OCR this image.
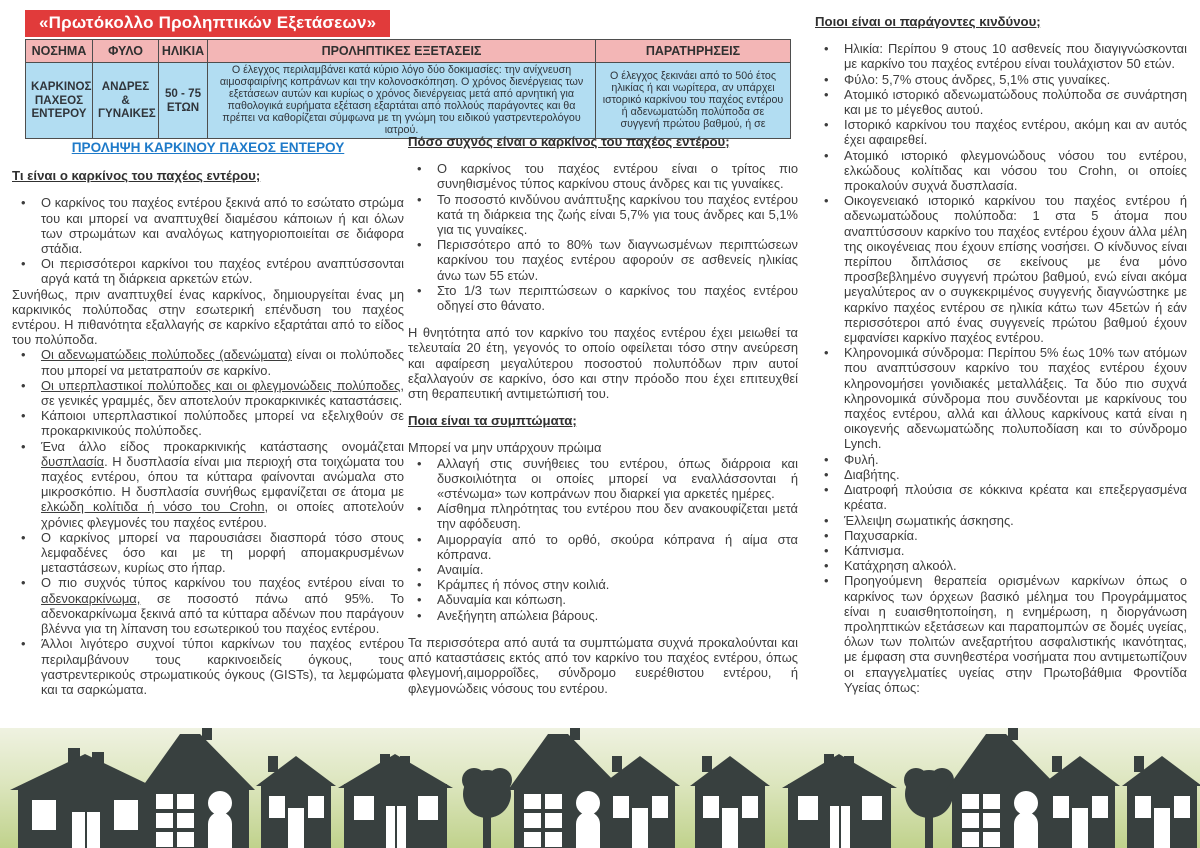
«Πρωτόκολλο Προληπτικών Εξετάσεων»
ΝΟΣΗΜΑ	ΦΥΛΟ	ΗΛΙΚΙΑ	ΠΡΟΛΗΠΤΙΚΕΣ ΕΞΕΤΑΣΕΙΣ	ΠΑΡΑΤΗΡΗΣΕΙΣ
ΚΑΡΚΙΝΟΣ ΠΑΧΕΟΣ ΕΝΤΕΡΟΥ	ΑΝΔΡΕΣ & ΓΥΝΑΙΚΕΣ	50 - 75 ΕΤΩΝ	Ο έλεγχος περιλαμβάνει κατά κύριο λόγο δύο δοκιμασίες: την ανίχνευση αιμοσφαιρίνης κοπράνων και την κολονοσκόπηση. Ο χρόνος διενέργειας των εξετάσεων αυτών και κυρίως ο χρόνος διενέργειας μετά από αρνητική για παθολογικά ευρήματα εξέταση εξαρτάται από πολλούς παράγοντες και θα πρέπει να καθορίζεται σύμφωνα με τη γνώμη του ειδικού γαστρεντερολόγου ιατρού.	Ο έλεγχος ξεκινάει από το 50ό έτος ηλικίας ή και νωρίτερα, αν υπάρχει ιστορικό καρκίνου του παχέος εντέρου ή αδενωματώδη πολύποδα σε συγγενή πρώτου βαθμού, ή σε
ΠΡΟΛΗΨΗ ΚΑΡΚΙΝΟΥ ΠΑΧΕΟΣ ΕΝΤΕΡΟΥ
Τι είναι ο καρκίνος του παχέος εντέρου;
• Ο καρκίνος του παχέος εντέρου ξεκινά από το εσώτατο στρώμα του και μπορεί να αναπτυχθεί διαμέσου κάποιων ή και όλων των στρωμάτων και αναλόγως κατηγοριοποιείται σε διάφορα στάδια.
• Οι περισσότεροι καρκίνοι του παχέος εντέρου αναπτύσσονται αργά κατά τη διάρκεια αρκετών ετών.
Συνήθως, πριν αναπτυχθεί ένας καρκίνος, δημιουργείται ένας μη καρκινικός πολύποδας στην εσωτερική επένδυση του παχέος εντέρου. Η πιθανότητα εξαλλαγής σε καρκίνο εξαρτάται από το είδος του πολύποδα.
• Οι αδενωματώδεις πολύποδες (αδενώματα) είναι οι πολύποδες που μπορεί να μετατραπούν σε καρκίνο.
• Οι υπερπλαστικοί πολύποδες και οι φλεγμονώδεις πολύποδες, σε γενικές γραμμές, δεν αποτελούν προκαρκινικές καταστάσεις.
• Κάποιοι υπερπλαστικοί πολύποδες μπορεί να εξελιχθούν σε προκαρκινικούς πολύποδες.
• Ένα άλλο είδος προκαρκινικής κατάστασης ονομάζεται δυσπλασία. Η δυσπλασία είναι μια περιοχή στα τοιχώματα του παχέος εντέρου, όπου τα κύτταρα φαίνονται ανώμαλα στο μικροσκόπιο. Η δυσπλασία συνήθως εμφανίζεται σε άτομα με ελκώδη κολίτιδα ή νόσο του Crohn, οι οποίες αποτελούν χρόνιες φλεγμονές του παχέος εντέρου.
• Ο καρκίνος μπορεί να παρουσιάσει διασπορά τόσο στους λεμφαδένες όσο και με τη μορφή απομακρυσμένων μεταστάσεων, κυρίως στο ήπαρ.
• Ο πιο συχνός τύπος καρκίνου του παχέος εντέρου είναι το αδενοκαρκίνωμα, σε ποσοστό πάνω από 95%. Το αδενοκαρκίνωμα ξεκινά από τα κύτταρα αδένων που παράγουν βλέννα για τη λίπανση του εσωτερικού του παχέος εντέρου.
• Άλλοι λιγότερο συχνοί τύποι καρκίνων του παχέος εντέρου περιλαμβάνουν τους καρκινοειδείς όγκους, τους γαστρεντερικούς στρωματικούς όγκους (GISTs), τα λεμφώματα και τα σαρκώματα.
Πόσο συχνός είναι ο καρκίνος του παχέος εντέρου;
• Ο καρκίνος του παχέος εντέρου είναι ο τρίτος πιο συνηθισμένος τύπος καρκίνου στους άνδρες και τις γυναίκες.
• Το ποσοστό κινδύνου ανάπτυξης καρκίνου του παχέος εντέρου κατά τη διάρκεια της ζωής είναι 5,7% για τους άνδρες και 5,1% για τις γυναίκες.
• Περισσότερο από το 80% των διαγνωσμένων περιπτώσεων καρκίνου του παχέος εντέρου αφορούν σε ασθενείς ηλικίας άνω των 55 ετών.
• Στο 1/3 των περιπτώσεων ο καρκίνος του παχέος εντέρου οδηγεί στο θάνατο.
Η θνητότητα από τον καρκίνο του παχέος εντέρου έχει μειωθεί τα τελευταία 20 έτη, γεγονός το οποίο οφείλεται τόσο στην ανεύρεση και αφαίρεση μεγαλύτερου ποσοστού πολυπόδων πριν αυτοί εξαλλαγούν σε καρκίνο, όσο και στην πρόοδο που έχει επιτευχθεί στη θεραπευτική αντιμετώπισή του.
Ποια είναι τα συμπτώματα;
Μπορεί να μην υπάρχουν πρώιμα
• Αλλαγή στις συνήθειες του εντέρου, όπως διάρροια και δυσκοιλιότητα οι οποίες μπορεί να εναλλάσσονται ή «στένωμα» των κοπράνων που διαρκεί για αρκετές ημέρες.
• Αίσθημα πληρότητας του εντέρου που δεν ανακουφίζεται μετά την αφόδευση.
• Αιμορραγία από το ορθό, σκούρα κόπρανα ή αίμα στα κόπρανα.
• Αναιμία.
• Κράμπες ή πόνος στην κοιλιά.
• Αδυναμία και κόπωση.
• Ανεξήγητη απώλεια βάρους.
Τα περισσότερα από αυτά τα συμπτώματα συχνά προκαλούνται και από καταστάσεις εκτός από τον καρκίνο του παχέος εντέρου, όπως φλεγμονή,αιμορροΐδες, σύνδρομο ευερέθιστου εντέρου, ή φλεγμονώδεις νόσους του εντέρου.
Ποιοι είναι οι παράγοντες κινδύνου;
• Ηλικία: Περίπου 9 στους 10 ασθενείς που διαγιγνώσκονται με καρκίνο του παχέος εντέρου είναι τουλάχιστον 50 ετών.
• Φύλο: 5,7% στους άνδρες, 5,1% στις γυναίκες.
• Ατομικό ιστορικό αδενωματώδους πολύποδα σε συνάρτηση και με το μέγεθος αυτού.
• Ιστορικό καρκίνου του παχέος εντέρου, ακόμη και αν αυτός έχει αφαιρεθεί.
• Ατομικό ιστορικό φλεγμονώδους νόσου του εντέρου, ελκώδους κολίτιδας και νόσου του Crohn, οι οποίες προκαλούν συχνά δυσπλασία.
• Οικογενειακό ιστορικό καρκίνου του παχέος εντέρου ή αδενωματώδους πολύποδα: 1 στα 5 άτομα που αναπτύσσουν καρκίνο του παχέος εντέρου έχουν άλλα μέλη της οικογένειας που έχουν επίσης νοσήσει. Ο κίνδυνος είναι περίπου διπλάσιος σε εκείνους με ένα μόνο προσβεβλημένο συγγενή πρώτου βαθμού, ενώ είναι ακόμα μεγαλύτερος αν ο συγκεκριμένος συγγενής διαγνώστηκε με καρκίνο παχέος εντέρου σε ηλικία κάτω των 45ετών ή εάν περισσότεροι από ένας συγγενείς πρώτου βαθμού έχουν εμφανίσει καρκίνο παχέος εντέρου.
• Κληρονομικά σύνδρομα: Περίπου 5% έως 10% των ατόμων που αναπτύσσουν καρκίνο του παχέος εντέρου έχουν κληρονομήσει γονιδιακές μεταλλάξεις. Τα δύο πιο συχνά κληρονομικά σύνδρομα που συνδέονται με καρκίνους του παχέος εντέρου, αλλά και άλλους καρκίνους κατά είναι η οικογενής αδενωματώδης πολυποδίαση και το σύνδρομο Lynch.
• Φυλή.
• Διαβήτης.
• Διατροφή πλούσια σε κόκκινα κρέατα και επεξεργασμένα κρέατα.
• Έλλειψη σωματικής άσκησης.
• Παχυσαρκία.
• Κάπνισμα.
• Κατάχρηση αλκοόλ.
• Προηγούμενη θεραπεία ορισμένων καρκίνων όπως ο καρκίνος των όρχεων βασικό μέλημα του Προγράμματος είναι η ευαισθητοποίηση, η ενημέρωση, η διοργάνωση προληπτικών εξετάσεων και παραπομπών σε δομές υγείας, όλων των πολιτών ανεξαρτήτου ασφαλιστικής ικανότητας, με έμφαση στα συνηθεστέρα νοσήματα που αντιμετωπίζουν οι επαγγελματίες υγείας στην Πρωτοβάθμια Φροντίδα Υγείας όπως:
